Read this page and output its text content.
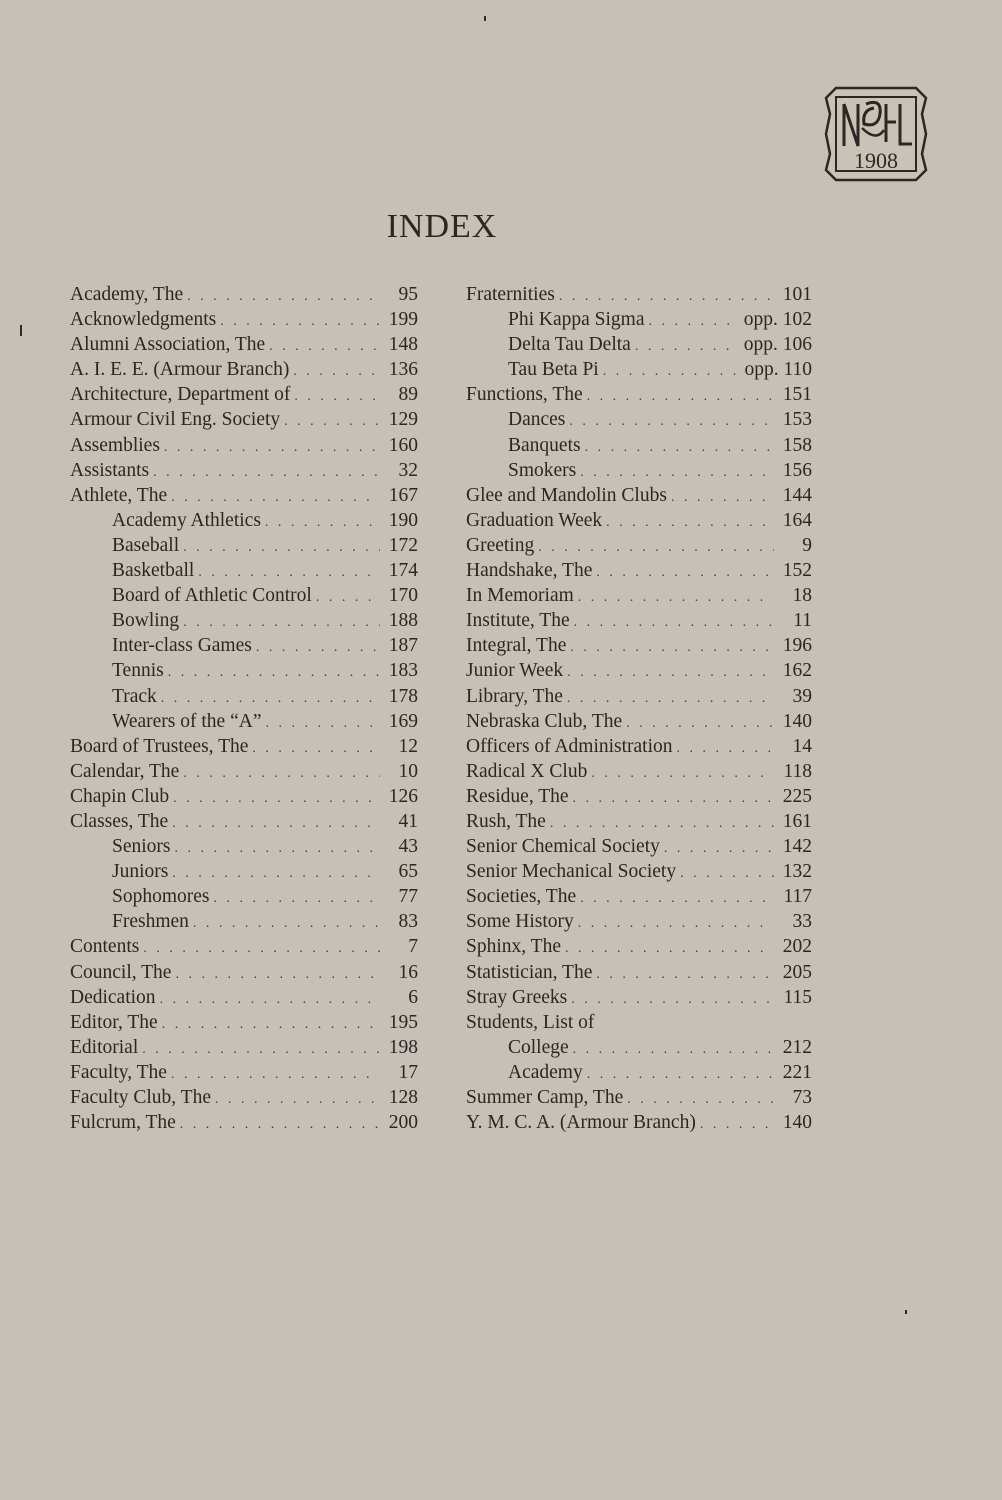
1908
INDEX
Academy, The . . .	95
Acknowledgments . . .	199
Alumni Association, The . . .	148
A. I. E. E. (Armour Branch) . . .	136
Architecture, Department of . . .	89
Armour Civil Eng. Society . . .	129
Assemblies . . .	160
Assistants . . .	32
Athlete, The . . .	167
Academy Athletics . . .	190
Baseball . . .	172
Basketball . . .	174
Board of Athletic Control . . .	170
Bowling . . .	188
Inter-class Games . . .	187
Tennis . . .	183
Track . . .	178
Wearers of the “A” . . .	169
Board of Trustees, The . . .	12
Calendar, The . . .	10
Chapin Club . . .	126
Classes, The . . .	41
Seniors . . .	43
Juniors . . .	65
Sophomores . . .	77
Freshmen . . .	83
Contents . . .	7
Council, The . . .	16
Dedication . . .	6
Editor, The . . .	195
Editorial . . .	198
Faculty, The . . .	17
Faculty Club, The . . .	128
Fulcrum, The . . .	200
Fraternities . . .	101
Phi Kappa Sigma . . .	opp. 102
Delta Tau Delta . . .	opp. 106
Tau Beta Pi . . .	opp. 110
Functions, The . . .	151
Dances . . .	153
Banquets . . .	158
Smokers . . .	156
Glee and Mandolin Clubs . . .	144
Graduation Week . . .	164
Greeting . . .	9
Handshake, The . . .	152
In Memoriam . . .	18
Institute, The . . .	11
Integral, The . . .	196
Junior Week . . .	162
Library, The . . .	39
Nebraska Club, The . . .	140
Officers of Administration . . .	14
Radical X Club . . .	118
Residue, The . . .	225
Rush, The . . .	161
Senior Chemical Society . . .	142
Senior Mechanical Society . . .	132
Societies, The . . .	117
Some History . . .	33
Sphinx, The . . .	202
Statistician, The . . .	205
Stray Greeks . . .	115
Students, List of
College . . .	212
Academy . . .	221
Summer Camp, The . . .	73
Y. M. C. A. (Armour Branch) . . .	140
